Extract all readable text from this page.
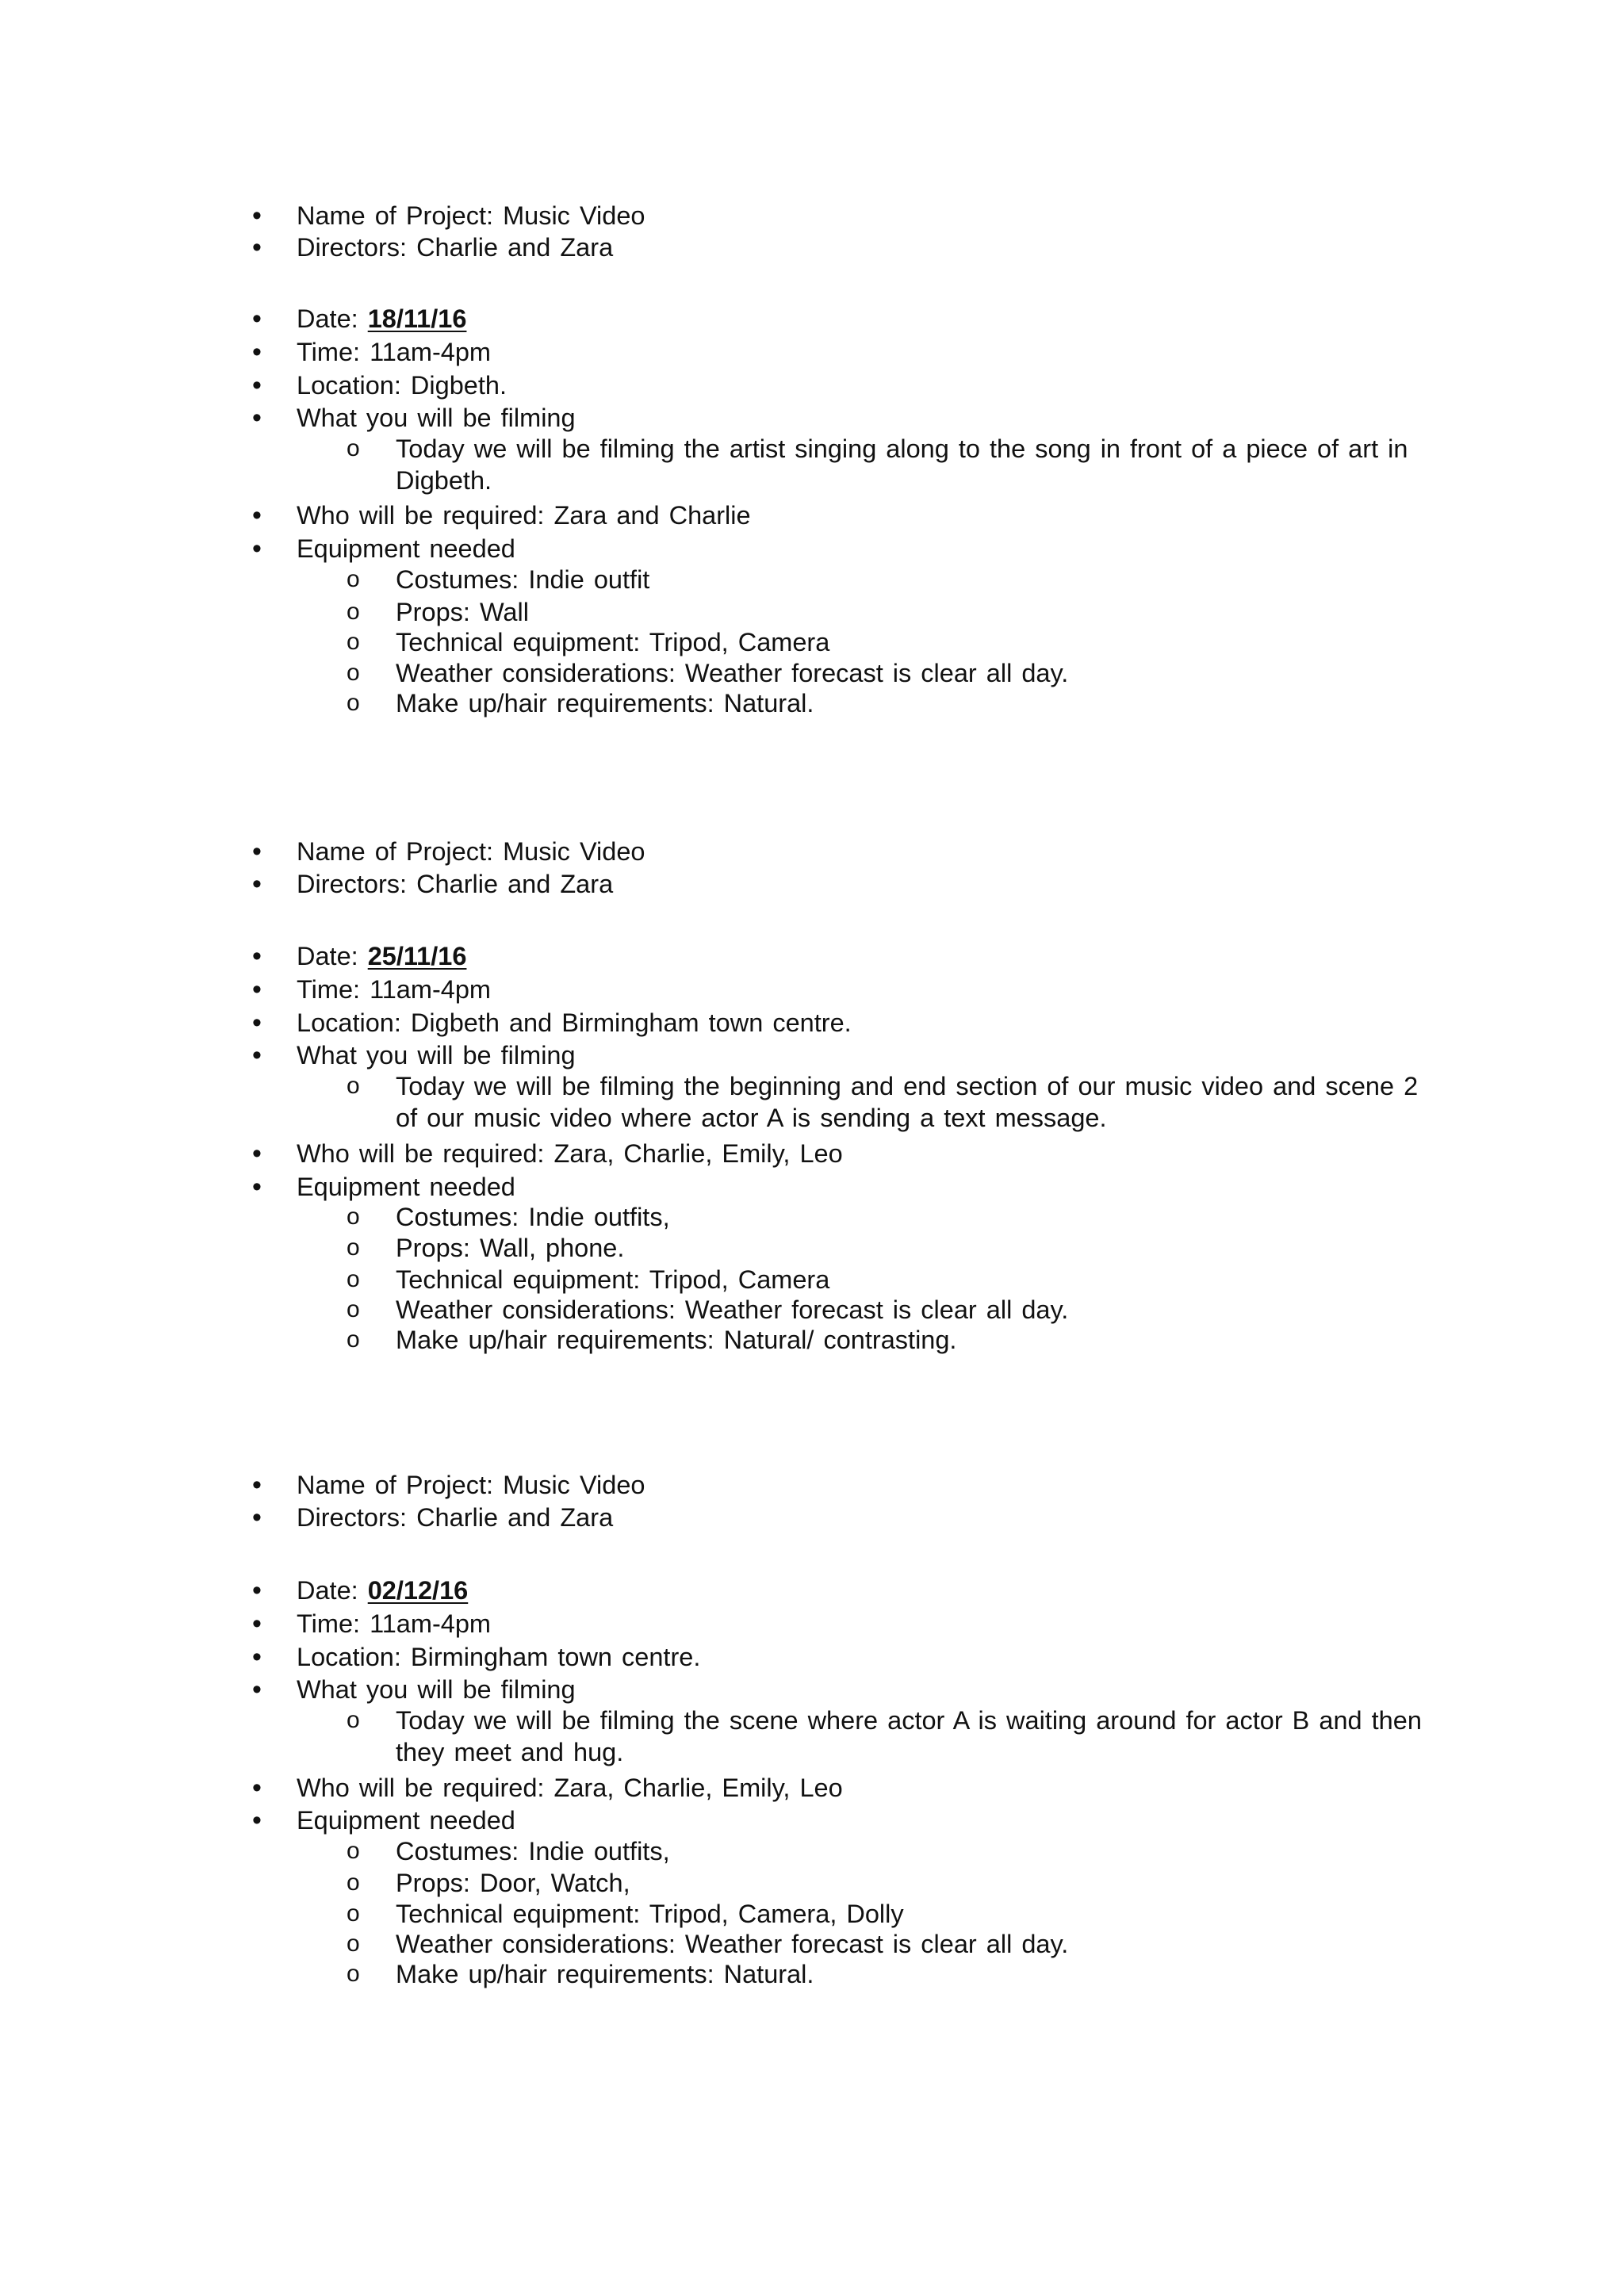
• Name of Project: Music Video
• Directors: Charlie and Zara
• Date: 18/11/16
• Time: 11am-4pm
• Location: Digbeth.
• What you will be filming
o Today we will be filming the artist singing along to the song in front of a piece of art in Digbeth.
• Who will be required: Zara and Charlie
• Equipment needed
o Costumes: Indie outfit
o Props: Wall
o Technical equipment: Tripod, Camera
o Weather considerations: Weather forecast is clear all day.
o Make up/hair requirements: Natural.
• Name of Project: Music Video
• Directors: Charlie and Zara
• Date: 25/11/16
• Time: 11am-4pm
• Location: Digbeth and Birmingham town centre.
• What you will be filming
o Today we will be filming the beginning and end section of our music video and scene 2 of our music video where actor A is sending a text message.
• Who will be required: Zara, Charlie, Emily, Leo
• Equipment needed
o Costumes: Indie outfits,
o Props: Wall, phone.
o Technical equipment: Tripod, Camera
o Weather considerations: Weather forecast is clear all day.
o Make up/hair requirements: Natural/ contrasting.
• Name of Project: Music Video
• Directors: Charlie and Zara
• Date: 02/12/16
• Time: 11am-4pm
• Location: Birmingham town centre.
• What you will be filming
o Today we will be filming the scene where actor A is waiting around for actor B and then they meet and hug.
• Who will be required: Zara, Charlie, Emily, Leo
• Equipment needed
o Costumes: Indie outfits,
o Props: Door, Watch,
o Technical equipment: Tripod, Camera, Dolly
o Weather considerations: Weather forecast is clear all day.
o Make up/hair requirements: Natural.
